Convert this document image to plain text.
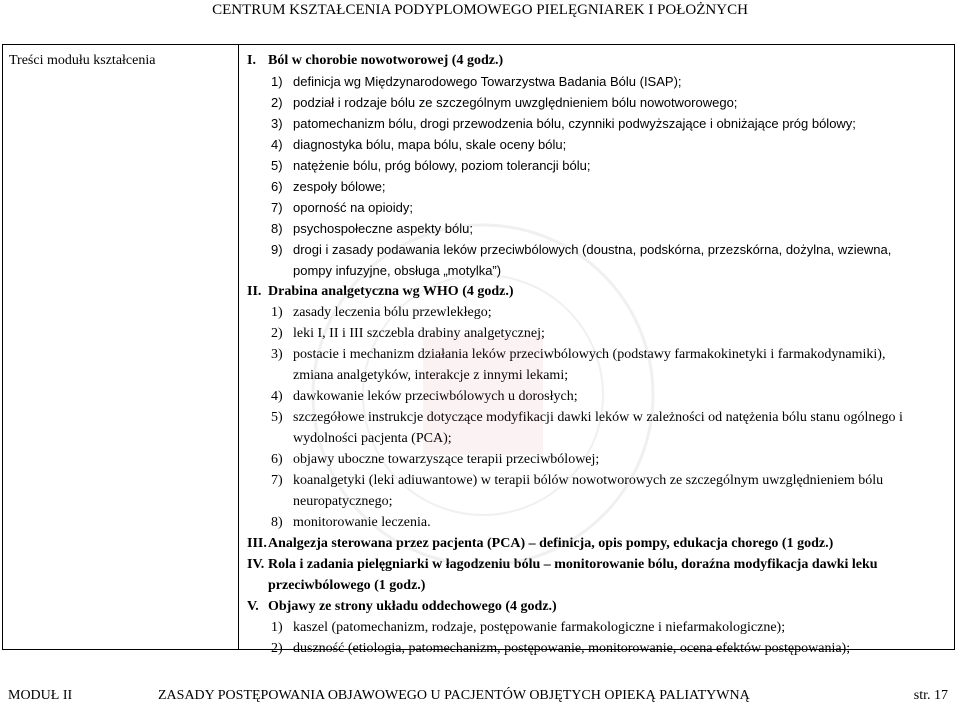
CENTRUM KSZTAŁCENIA PODYPLOMOWEGO PIELĘGNIAREK I POŁOŻNYCH
Treści modułu kształcenia	I. Ból w chorobie nowotworowej (4 godz.)
1) definicja wg Międzynarodowego Towarzystwa Badania Bólu (ISAP);
2) podział i rodzaje bólu ze szczególnym uwzględnieniem bólu nowotworowego;
3) patomechanizm bólu, drogi przewodzenia bólu, czynniki podwyższające i obniżające próg bólowy;
4) diagnostyka bólu, mapa bólu, skale oceny bólu;
5) natężenie bólu, próg bólowy, poziom tolerancji bólu;
6) zespoły bólowe;
7) oporność na opioidy;
8) psychospołeczne aspekty bólu;
9) drogi i zasady podawania leków przeciwbólowych (doustna, podskórna, przezskórna, dożylna, wziewna,
pompy infuzyjne, obsługa „motylka”)
II. Drabina analgetyczna wg WHO (4 godz.)
1) zasady leczenia bólu przewlekłego;
2) leki I, II i III szczebla drabiny analgetycznej;
3) postacie i mechanizm działania leków przeciwbólowych (podstawy farmakokinetyki i farmakodynamiki),
zmiana analgetyków, interakcje z innymi lekami;
4) dawkowanie leków przeciwbólowych u dorosłych;
5) szczegółowe instrukcje dotyczące modyfikacji dawki leków w zależności od natężenia bólu stanu ogólnego i
wydolności pacjenta (PCA);
6) objawy uboczne towarzyszące terapii przeciwbólowej;
7) koanalgetyki (leki adiuwantowe) w terapii bólów nowotworowych ze szczególnym uwzględnieniem bólu
neuropatycznego;
8) monitorowanie leczenia.
III.Analgezja sterowana przez pacjenta (PCA) – definicja, opis pompy, edukacja chorego (1 godz.)
IV. Rola i zadania pielęgniarki w łagodzeniu bólu – monitorowanie bólu, doraźna modyfikacja dawki leku
przeciwbólowego (1 godz.)
V. Objawy ze strony układu oddechowego (4 godz.)
1) kaszel (patomechanizm, rodzaje, postępowanie farmakologiczne i niefarmakologiczne);
2) duszność (etiologia, patomechanizm, postępowanie, monitorowanie, ocena efektów postępowania);
MODUŁ II	ZASADY POSTĘPOWANIA OBJAWOWEGO U PACJENTÓW OBJĘTYCH OPIEKĄ PALIATYWNĄ	str. 17
